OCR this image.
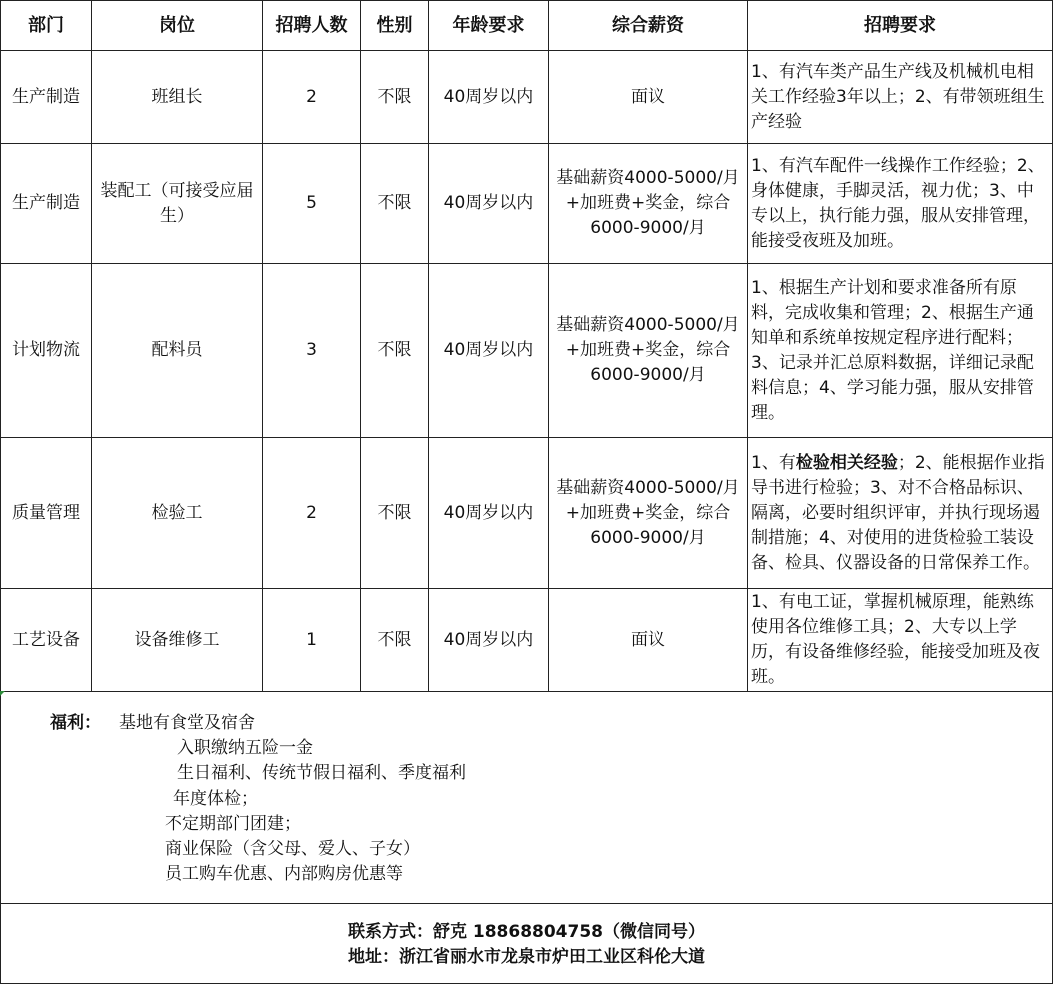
部门	岗位	招聘人数	性别	年龄要求	综合薪资	招聘要求
生产制造	班组长	2	不限	40周岁以内	面议	1、有汽车类产品生产线及机械机电相关工作经验3年以上；2、有带领班组生产经验
生产制造	装配工（可接受应届生）	5	不限	40周岁以内	基础薪资4000-5000/月+加班费+奖金，综合6000-9000/月	1、有汽车配件一线操作工作经验；2、身体健康，手脚灵活，视力优；3、中专以上，执行能力强，服从安排管理，能接受夜班及加班。
计划物流	配料员	3	不限	40周岁以内	基础薪资4000-5000/月+加班费+奖金，综合6000-9000/月	1、根据生产计划和要求准备所有原料，完成收集和管理；2、根据生产通知单和系统单按规定程序进行配料；3、记录并汇总原料数据，详细记录配料信息；4、学习能力强，服从安排管理。
质量管理	检验工	2	不限	40周岁以内	基础薪资4000-5000/月+加班费+奖金，综合6000-9000/月	1、有检验相关经验；2、能根据作业指导书进行检验；3、对不合格品标识、隔离，必要时组织评审，并执行现场遏制措施；4、对使用的进货检验工装设备、检具、仪器设备的日常保养工作。
工艺设备	设备维修工	1	不限	40周岁以内	面议	1、有电工证，掌握机械原理，能熟练使用各位维修工具；2、大专以上学历，有设备维修经验，能接受加班及夜班。
福利： 基地有食堂及宿舍
入职缴纳五险一金
生日福利、传统节假日福利、季度福利
年度体检；
不定期部门团建；
商业保险（含父母、爱人、子女）
员工购车优惠、内部购房优惠等
联系方式：舒克 18868804758（微信同号）
地址：浙江省丽水市龙泉市炉田工业区科伦大道
